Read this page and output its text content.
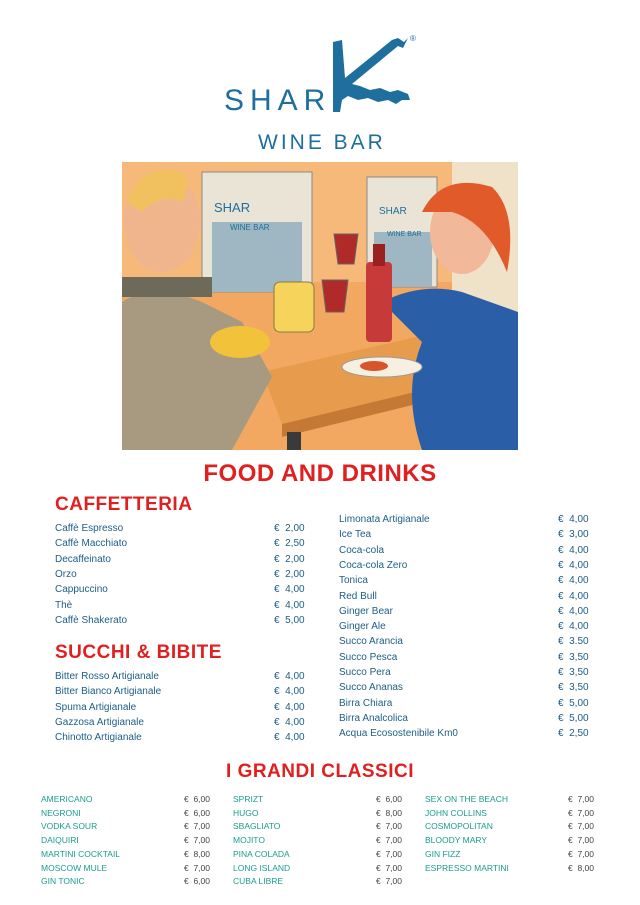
SHAR
®
WINE BAR
SHAR
WINE BAR
SHAR
WINE BAR
FOOD AND DRINKS
CAFFETTERIA
Caffè Espresso	€  2,00
Caffè Macchiato	€  2,50
Decaffeinato	€  2,00
Orzo	€  2,00
Cappuccino	€  4,00
Thè	€  4,00
Caffè Shakerato	€  5,00
SUCCHI & BIBITE
Bitter Rosso Artigianale	€  4,00
Bitter Bianco Artigianale	€  4,00
Spuma Artigianale	€  4,00
Gazzosa Artigianale	€  4,00
Chinotto Artigianale	€  4,00
Limonata Artigianale	€  4,00
Ice Tea	€  3,00
Coca-cola	€  4,00
Coca-cola Zero	€  4,00
Tonica	€  4,00
Red Bull	€  4,00
Ginger Bear	€  4,00
Ginger Ale	€  4,00
Succo Arancia	€  3.50
Succo Pesca	€  3,50
Succo Pera	€  3,50
Succo Ananas	€  3,50
Birra Chiara	€  5,00
Birra Analcolica	€  5,00
Acqua Ecosostenibile Km0	€  2,50
I GRANDI CLASSICI
AMERICANO	€  6,00
NEGRONI	€  6,00
VODKA SOUR	€  7,00
DAIQUIRI	€  7,00
MARTINI COCKTAIL	€  8,00
MOSCOW MULE	€  7,00
GIN TONIC	€  6,00
SPRIZT	€  6,00
HUGO	€  8,00
SBAGLIATO	€  7,00
MOJITO	€  7,00
PINA COLADA	€  7,00
LONG ISLAND	€  7,00
CUBA LIBRE	€  7,00
SEX ON THE BEACH	€  7,00
JOHN COLLINS	€  7,00
COSMOPOLITAN	€  7,00
BLOODY MARY	€  7,00
GIN FIZZ	€  7,00
ESPRESSO MARTINI	€  8,00
